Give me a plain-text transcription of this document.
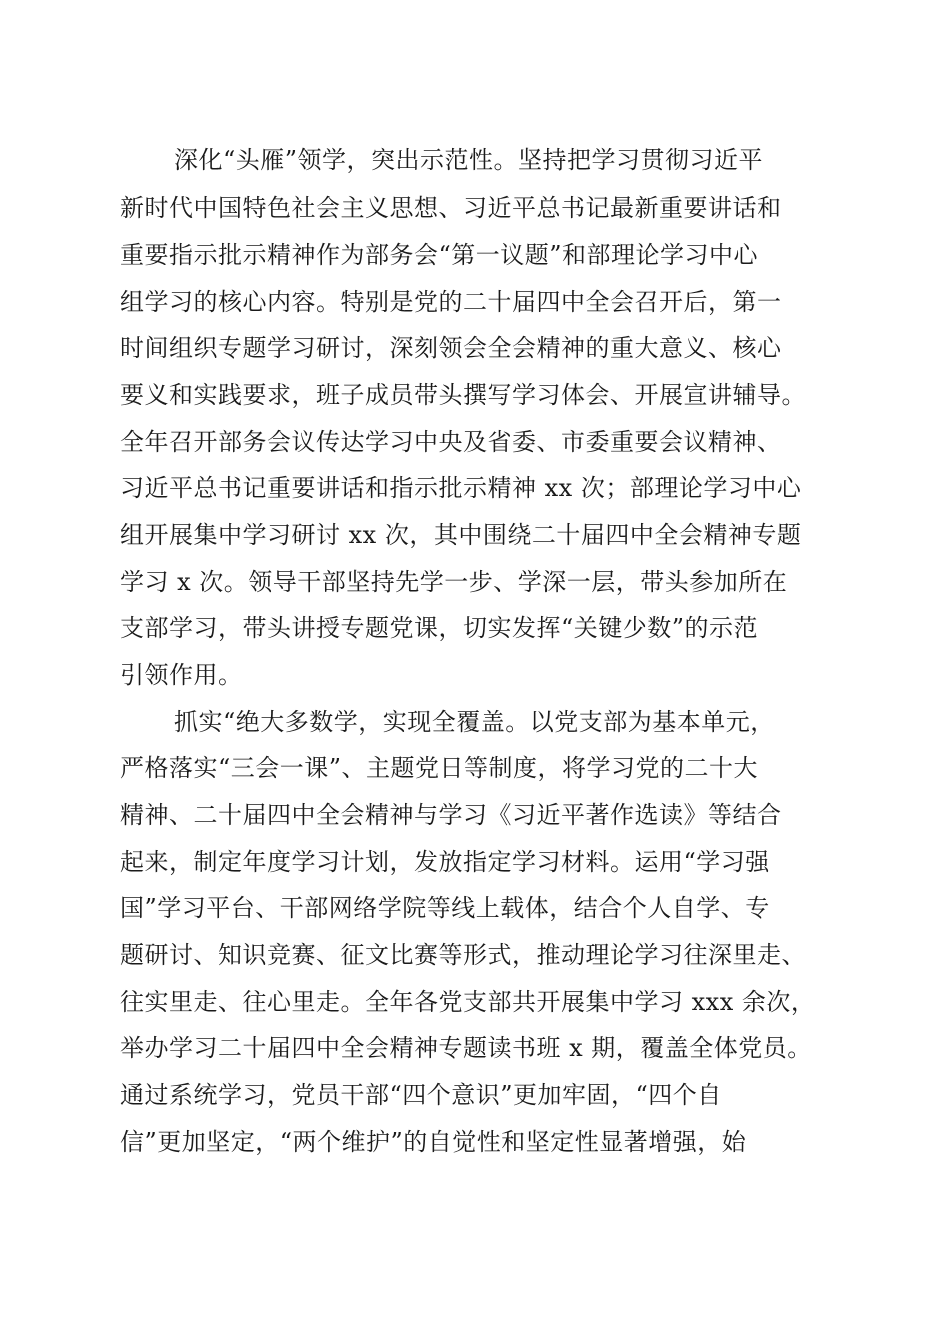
深化“头雁”领学，突出示范性。坚持把学习贯彻习近平
新时代中国特色社会主义思想、习近平总书记最新重要讲话和
重要指示批示精神作为部务会“第一议题”和部理论学习中心
组学习的核心内容。特别是党的二十届四中全会召开后，第一
时间组织专题学习研讨，深刻领会全会精神的重大意义、核心
要义和实践要求，班子成员带头撰写学习体会、开展宣讲辅导。
全年召开部务会议传达学习中央及省委、市委重要会议精神、
习近平总书记重要讲话和指示批示精神 xx 次；部理论学习中心
组开展集中学习研讨 xx 次，其中围绕二十届四中全会精神专题
学习 x 次。领导干部坚持先学一步、学深一层，带头参加所在
支部学习，带头讲授专题党课，切实发挥“关键少数”的示范
引领作用。
抓实“绝大多数学，实现全覆盖。以党支部为基本单元，
严格落实“三会一课”、主题党日等制度，将学习党的二十大
精神、二十届四中全会精神与学习《习近平著作选读》等结合
起来，制定年度学习计划，发放指定学习材料。运用“学习强
国”学习平台、干部网络学院等线上载体，结合个人自学、专
题研讨、知识竞赛、征文比赛等形式，推动理论学习往深里走、
往实里走、往心里走。全年各党支部共开展集中学习 xxx 余次，
举办学习二十届四中全会精神专题读书班 x 期，覆盖全体党员。
通过系统学习，党员干部“四个意识”更加牢固，“四个自
信”更加坚定，“两个维护”的自觉性和坚定性显著增强，始
